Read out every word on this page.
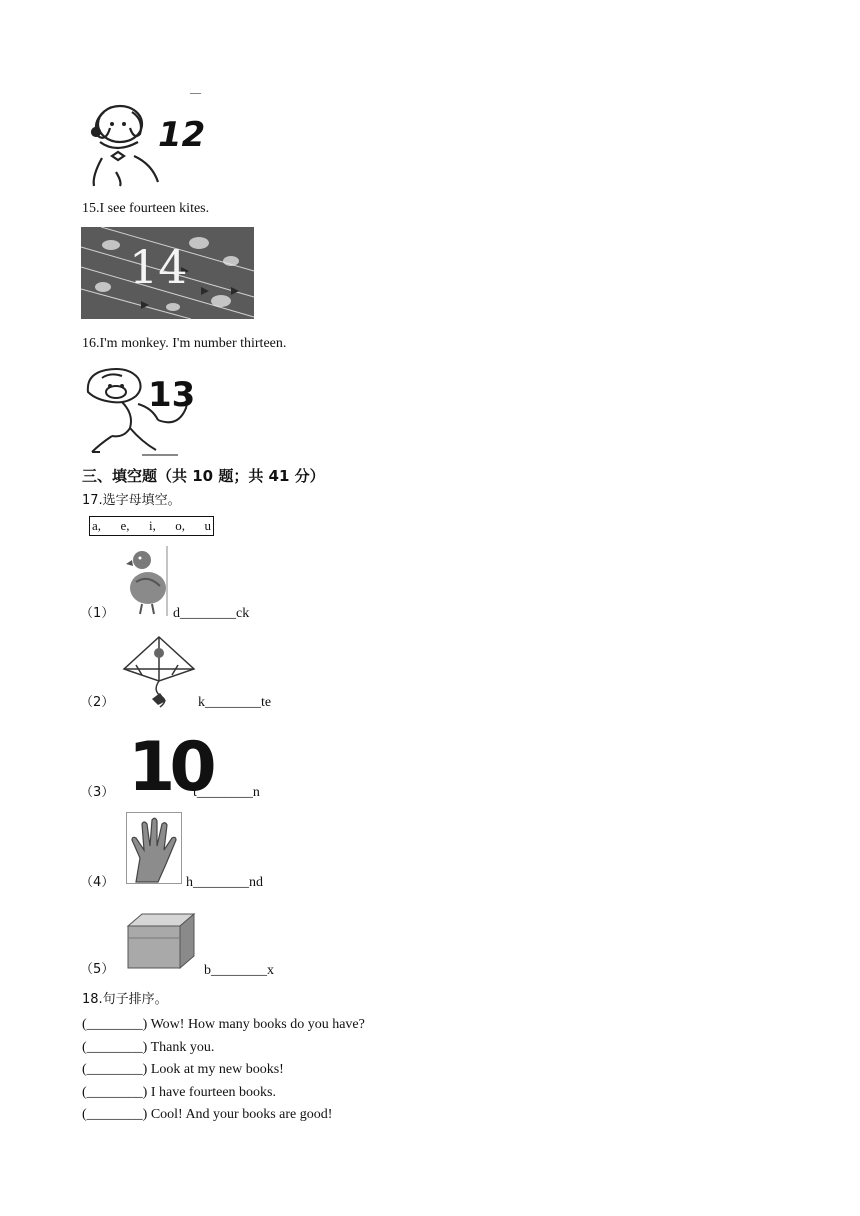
—
12
15.I see fourteen kites.
14
16.I'm monkey. I'm number thirteen.
13
三、填空题（共 10 题；共 41 分）
17.选字母填空。
a, e, i, o, u
（1）	d________ck
（2）	k________te
（3） 10
t________n
（4）	h________nd
（5）	b________x
18.句子排序。
(________) Wow! How many books do you have?
(________) Thank you.
(________) Look at my new books!
(________) I have fourteen books.
(________) Cool! And your books are good!
